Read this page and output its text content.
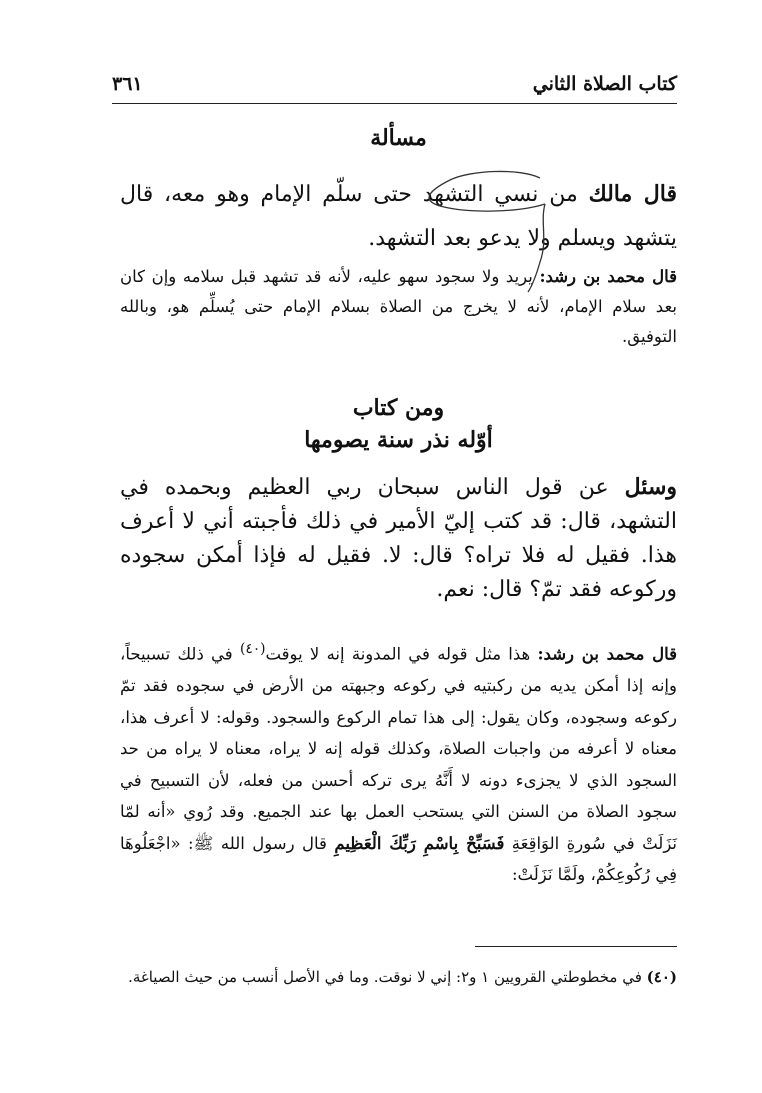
كتاب الصلاة الثاني
٣٦١
مسألة

قال مالك من نسي التشهد حتى سلّم الإمام وهو معه، قال يتشهد ويسلم ولا يدعو بعد التشهد.

قال محمد بن رشد: يريد ولا سجود سهو عليه، لأنه قد تشهد قبل سلامه وإن كان بعد سلام الإمام، لأنه لا يخرج من الصلاة بسلام الإمام حتى يُسلِّم هو، وبالله التوفيق.

ومن كتاب
أوّله نذر سنة يصومها

وسئل عن قول الناس سبحان ربي العظيم وبحمده في التشهد، قال: قد كتب إليّ الأمير في ذلك فأجبته أني لا أعرف هذا. فقيل له فلا تراه؟ قال: لا. فقيل له فإذا أمكن سجوده وركوعه فقد تمّ؟ قال: نعم.

قال محمد بن رشد: هذا مثل قوله في المدونة إنه لا يوقت$^{(٤٠)}$ في ذلك تسبيحاً، وإنه إذا أمكن يديه من ركبتيه في ركوعه وجبهته من الأرض في سجوده فقد تمّ ركوعه وسجوده، وكان يقول: إلى هذا تمام الركوع والسجود. وقوله: لا أعرف هذا، معناه لا أعرفه من واجبات الصلاة، وكذلك قوله إنه لا يراه، معناه لا يراه من حد السجود الذي لا يجزىء دونه لا أَنَّهُ يرى تركه أحسن من فعله، لأن التسبيح في سجود الصلاة من السنن التي يستحب العمل بها عند الجميع. وقد رُوي «أنه لمّا نَزَلَتْ في سُورةِ الوَاقِعَةِ فَسَبِّحْ بِاسْمِ رَبِّكَ الْعَظِيمِ قال رسول الله ﷺ: «اجْعَلُوهَا فِي رُكُوعِكُمْ، ولَمَّا نَزَلَتْ:

(٤٠) في مخطوطتي القرويين ١ و٢: إني لا نوقت. وما في الأصل أنسب من حيث الصياغة.
